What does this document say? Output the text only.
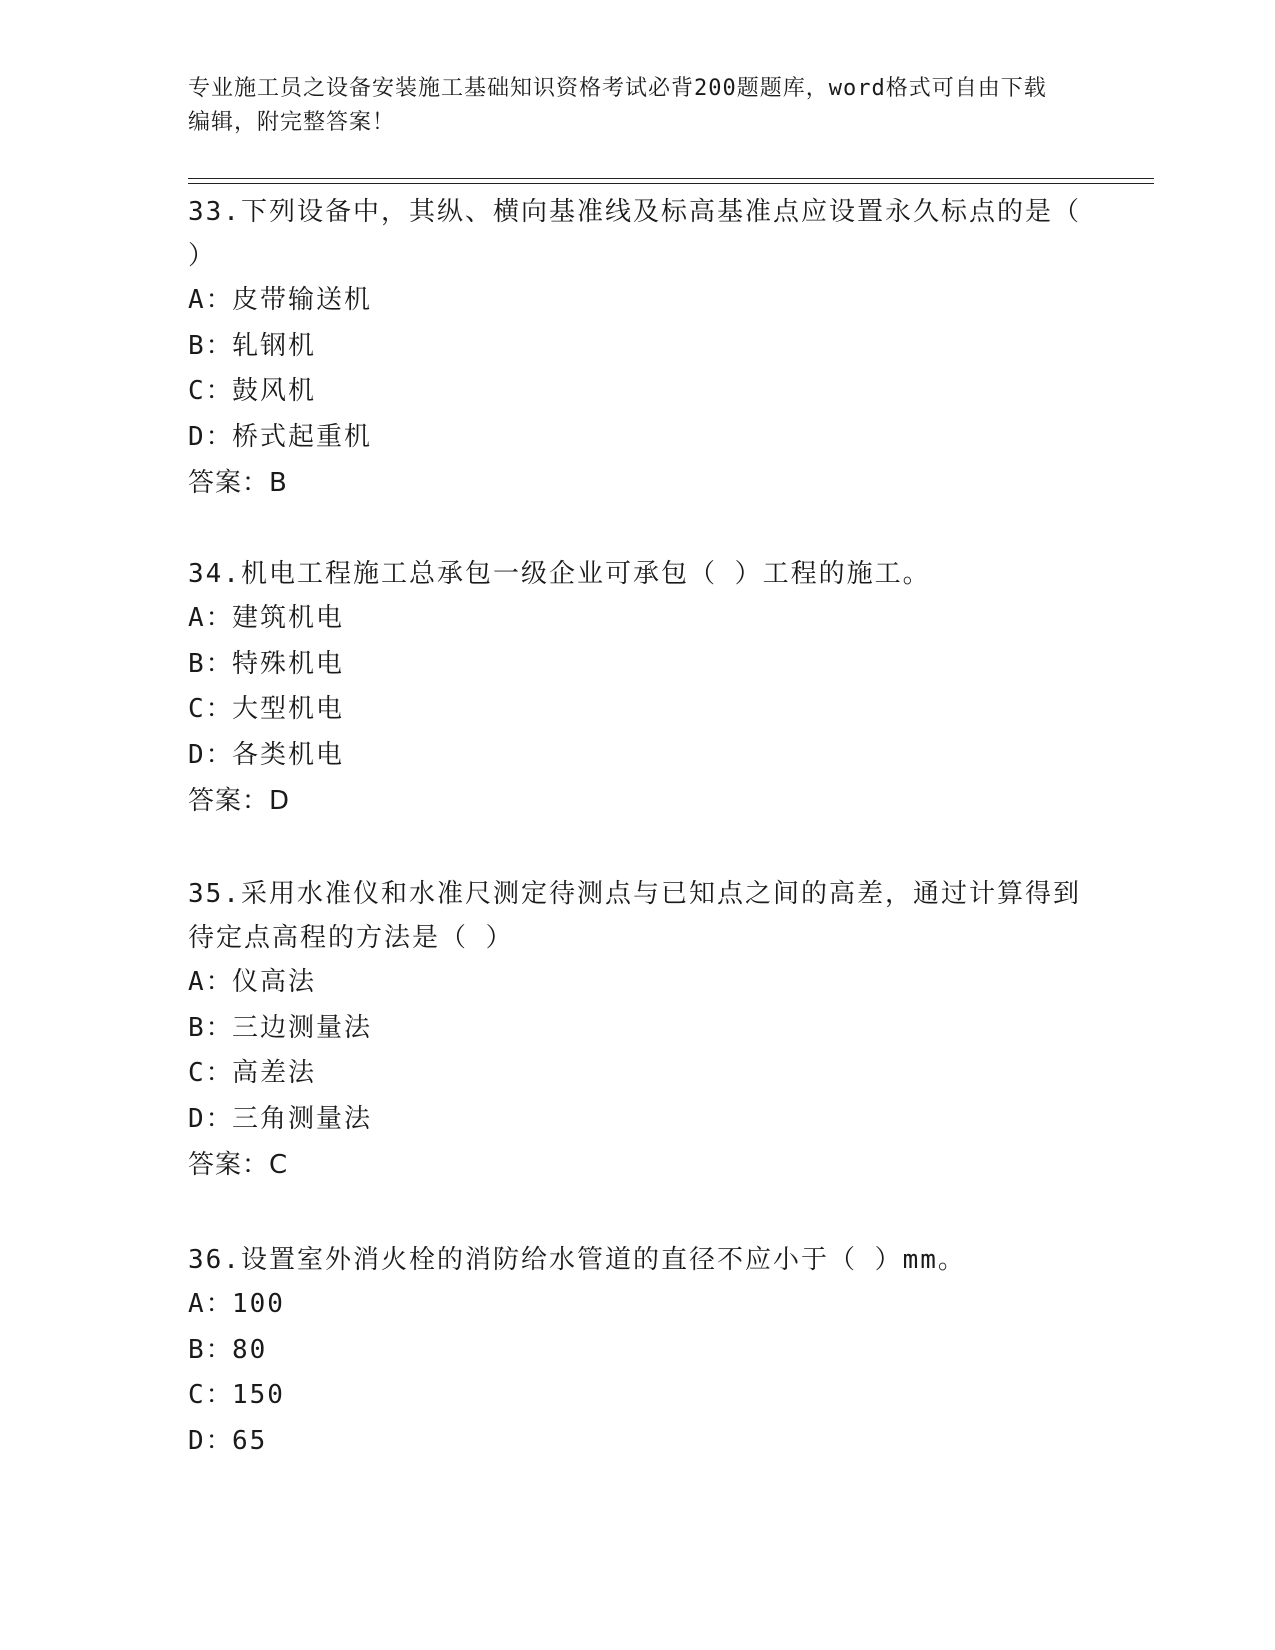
专业施工员之设备安装施工基础知识资格考试必背200题题库，word格式可自由下载编辑，附完整答案！

33.下列设备中，其纵、横向基准线及标高基准点应设置永久标点的是（ ）

A：皮带输送机

B：轧钢机

C：鼓风机

D：桥式起重机

答案：B

34.机电工程施工总承包一级企业可承包（ ）工程的施工。

A：建筑机电

B：特殊机电

C：大型机电

D：各类机电

答案：D

35.采用水准仪和水准尺测定待测点与已知点之间的高差，通过计算得到待定点高程的方法是（ ）

A：仪高法

B：三边测量法

C：高差法

D：三角测量法

答案：C

36.设置室外消火栓的消防给水管道的直径不应小于（ ）mm。

A：100

B：80

C：150

D：65
